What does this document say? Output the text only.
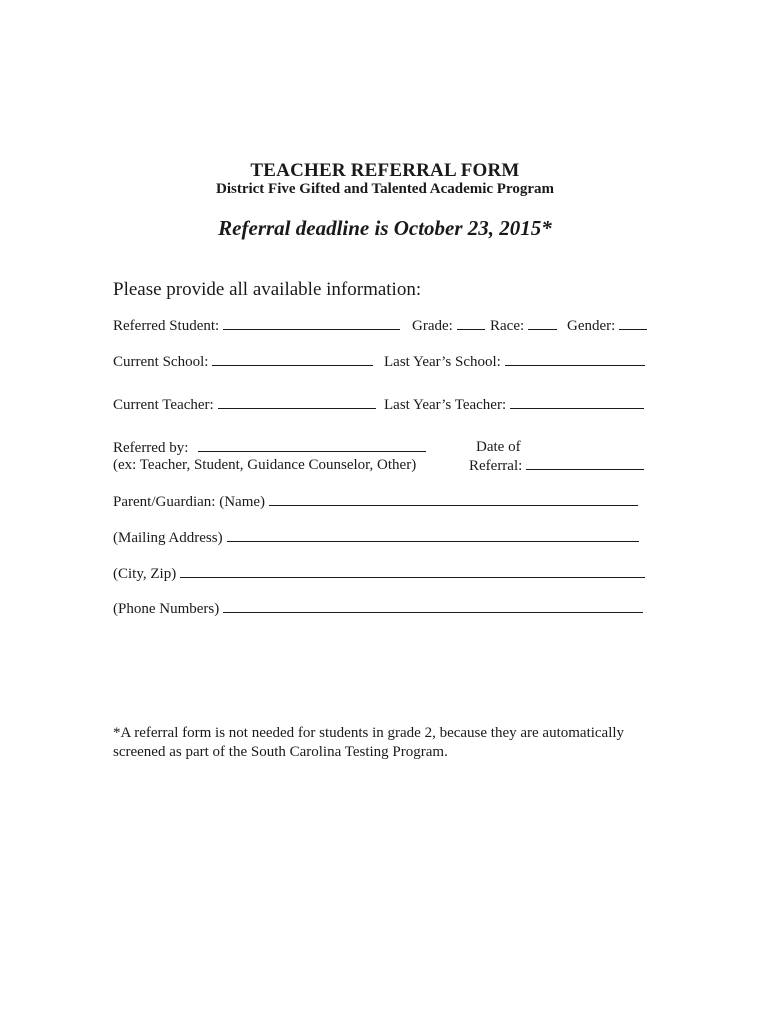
TEACHER REFERRAL FORM
District Five Gifted and Talented Academic Program
Referral deadline is October 23, 2015*
Please provide all available information:
Referred Student:	Grade:	Race:	Gender:
Current School:	Last Year’s School:
Current Teacher:	Last Year’s Teacher:
Referred by:	Date of
(ex: Teacher, Student, Guidance Counselor, Other)	Referral:
Parent/Guardian: (Name)
(Mailing Address)
(City, Zip)
(Phone Numbers)
*A referral form is not needed for students in grade 2, because they are automatically screened as part of the South Carolina Testing Program.
